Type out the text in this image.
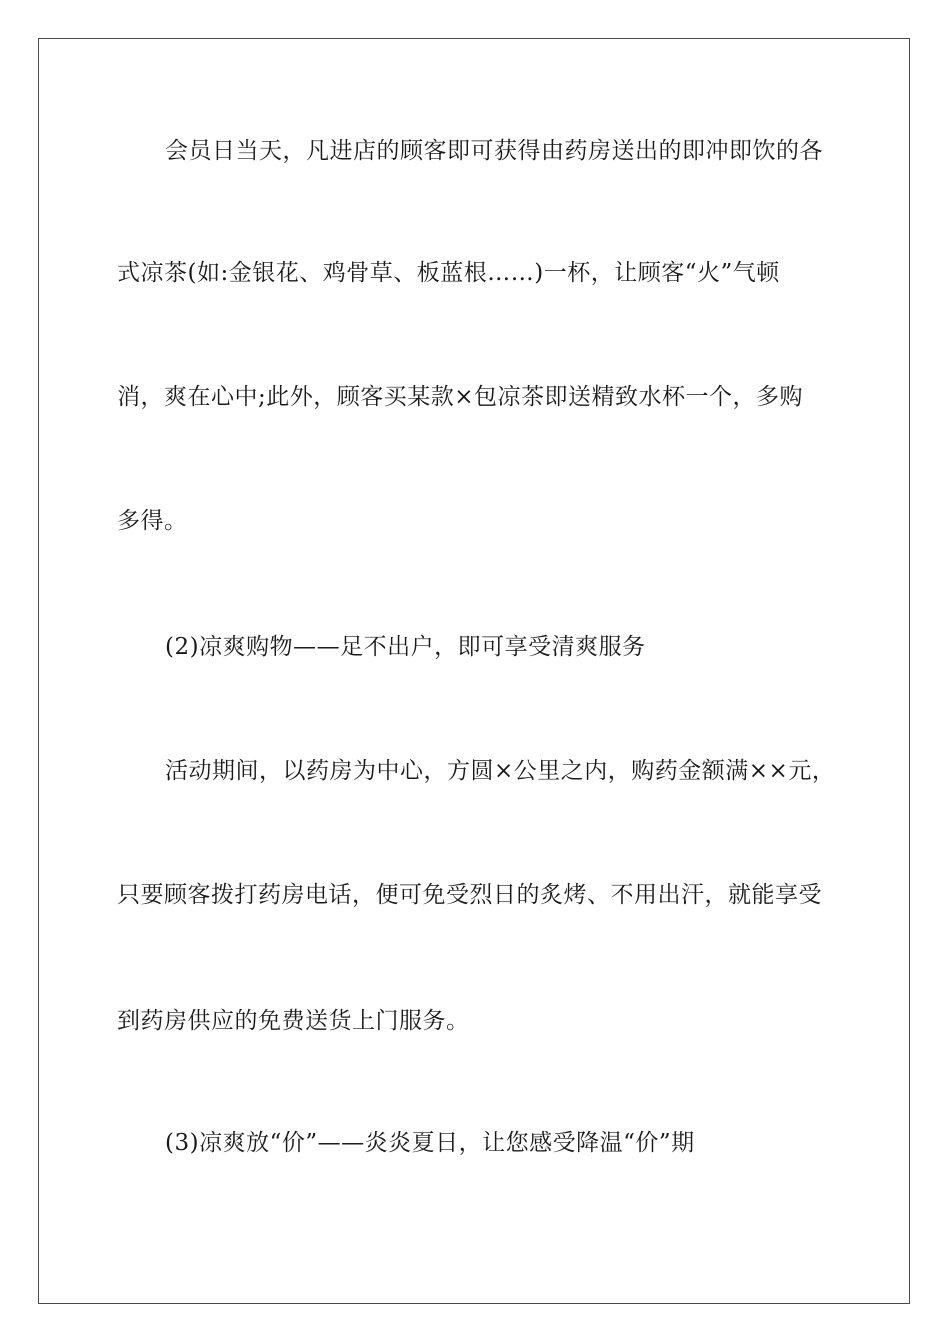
会员日当天，凡进店的顾客即可获得由药房送出的即冲即饮的各
式凉茶(如:金银花、鸡骨草、板蓝根……)一杯，让顾客“火”气顿
消，爽在心中;此外，顾客买某款×包凉茶即送精致水杯一个，多购
多得。
(2)凉爽购物——足不出户，即可享受清爽服务
活动期间，以药房为中心，方圆×公里之内，购药金额满××元，
只要顾客拨打药房电话，便可免受烈日的炙烤、不用出汗，就能享受
到药房供应的免费送货上门服务。
(3)凉爽放“价”——炎炎夏日，让您感受降温“价”期
